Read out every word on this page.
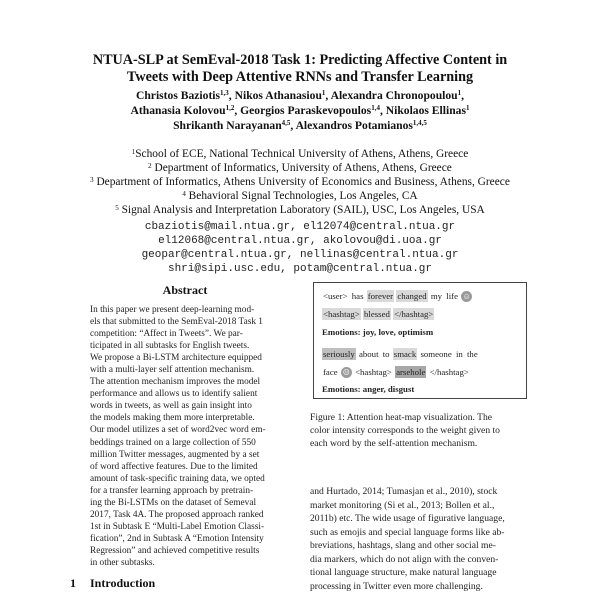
NTUA-SLP at SemEval-2018 Task 1: Predicting Affective Content in
Tweets with Deep Attentive RNNs and Transfer Learning
Christos Baziotis$^{1,3}$, Nikos Athanasiou$^1$, Alexandra Chronopoulou$^1$,
Athanasia Kolovou$^{1,2}$, Georgios Paraskevopoulos$^{1,4}$, Nikolaos Ellinas$^1$
Shrikanth Narayanan$^{4,5}$, Alexandros Potamianos$^{1,4,5}$
$^1$School of ECE, National Technical University of Athens, Athens, Greece
$^2$ Department of Informatics, University of Athens, Athens, Greece
$^3$ Department of Informatics, Athens University of Economics and Business, Athens, Greece
$^4$ Behavioral Signal Technologies, Los Angeles, CA
$^5$ Signal Analysis and Interpretation Laboratory (SAIL), USC, Los Angeles, USA
cbaziotis@mail.ntua.gr, el12074@central.ntua.gr
el12068@central.ntua.gr, akolovou@di.uoa.gr
geopar@central.ntua.gr, nellinas@central.ntua.gr
shri@sipi.usc.edu, potam@central.ntua.gr
Abstract
In this paper we present deep-learning mod-
els that submitted to the SemEval-2018 Task 1
competition: “Affect in Tweets”. We par-
ticipated in all subtasks for English tweets.
We propose a Bi-LSTM architecture equipped
with a multi-layer self attention mechanism.
The attention mechanism improves the model
performance and allows us to identify salient
words in tweets, as well as gain insight into
the models making them more interpretable.
Our model utilizes a set of word2vec word em-
beddings trained on a large collection of 550
million Twitter messages, augmented by a set
of word affective features. Due to the limited
amount of task-specific training data, we opted
for a transfer learning approach by pretrain-
ing the Bi-LSTMs on the dataset of Semeval
2017, Task 4A. The proposed approach ranked
1st in Subtask E “Multi-Label Emotion Classi-
fication”, 2nd in Subtask A “Emotion Intensity
Regression” and achieved competitive results
in other subtasks.
1 Introduction
<user> has forever changed my life ☺
<hashtag> blessed </hashtag>
Emotions: joy, love, optimism
seriously about to smack someone in the
face ☹ <hashtag> arsehole </hashtag>
Emotions: anger, disgust
Figure 1: Attention heat-map visualization. The
color intensity corresponds to the weight given to
each word by the self-attention mechanism.
and Hurtado, 2014; Tumasjan et al., 2010), stock
market monitoring (Si et al., 2013; Bollen et al.,
2011b) etc. The wide usage of figurative language,
such as emojis and special language forms like ab-
breviations, hashtags, slang and other social me-
dia markers, which do not align with the conven-
tional language structure, make natural language
processing in Twitter even more challenging.
